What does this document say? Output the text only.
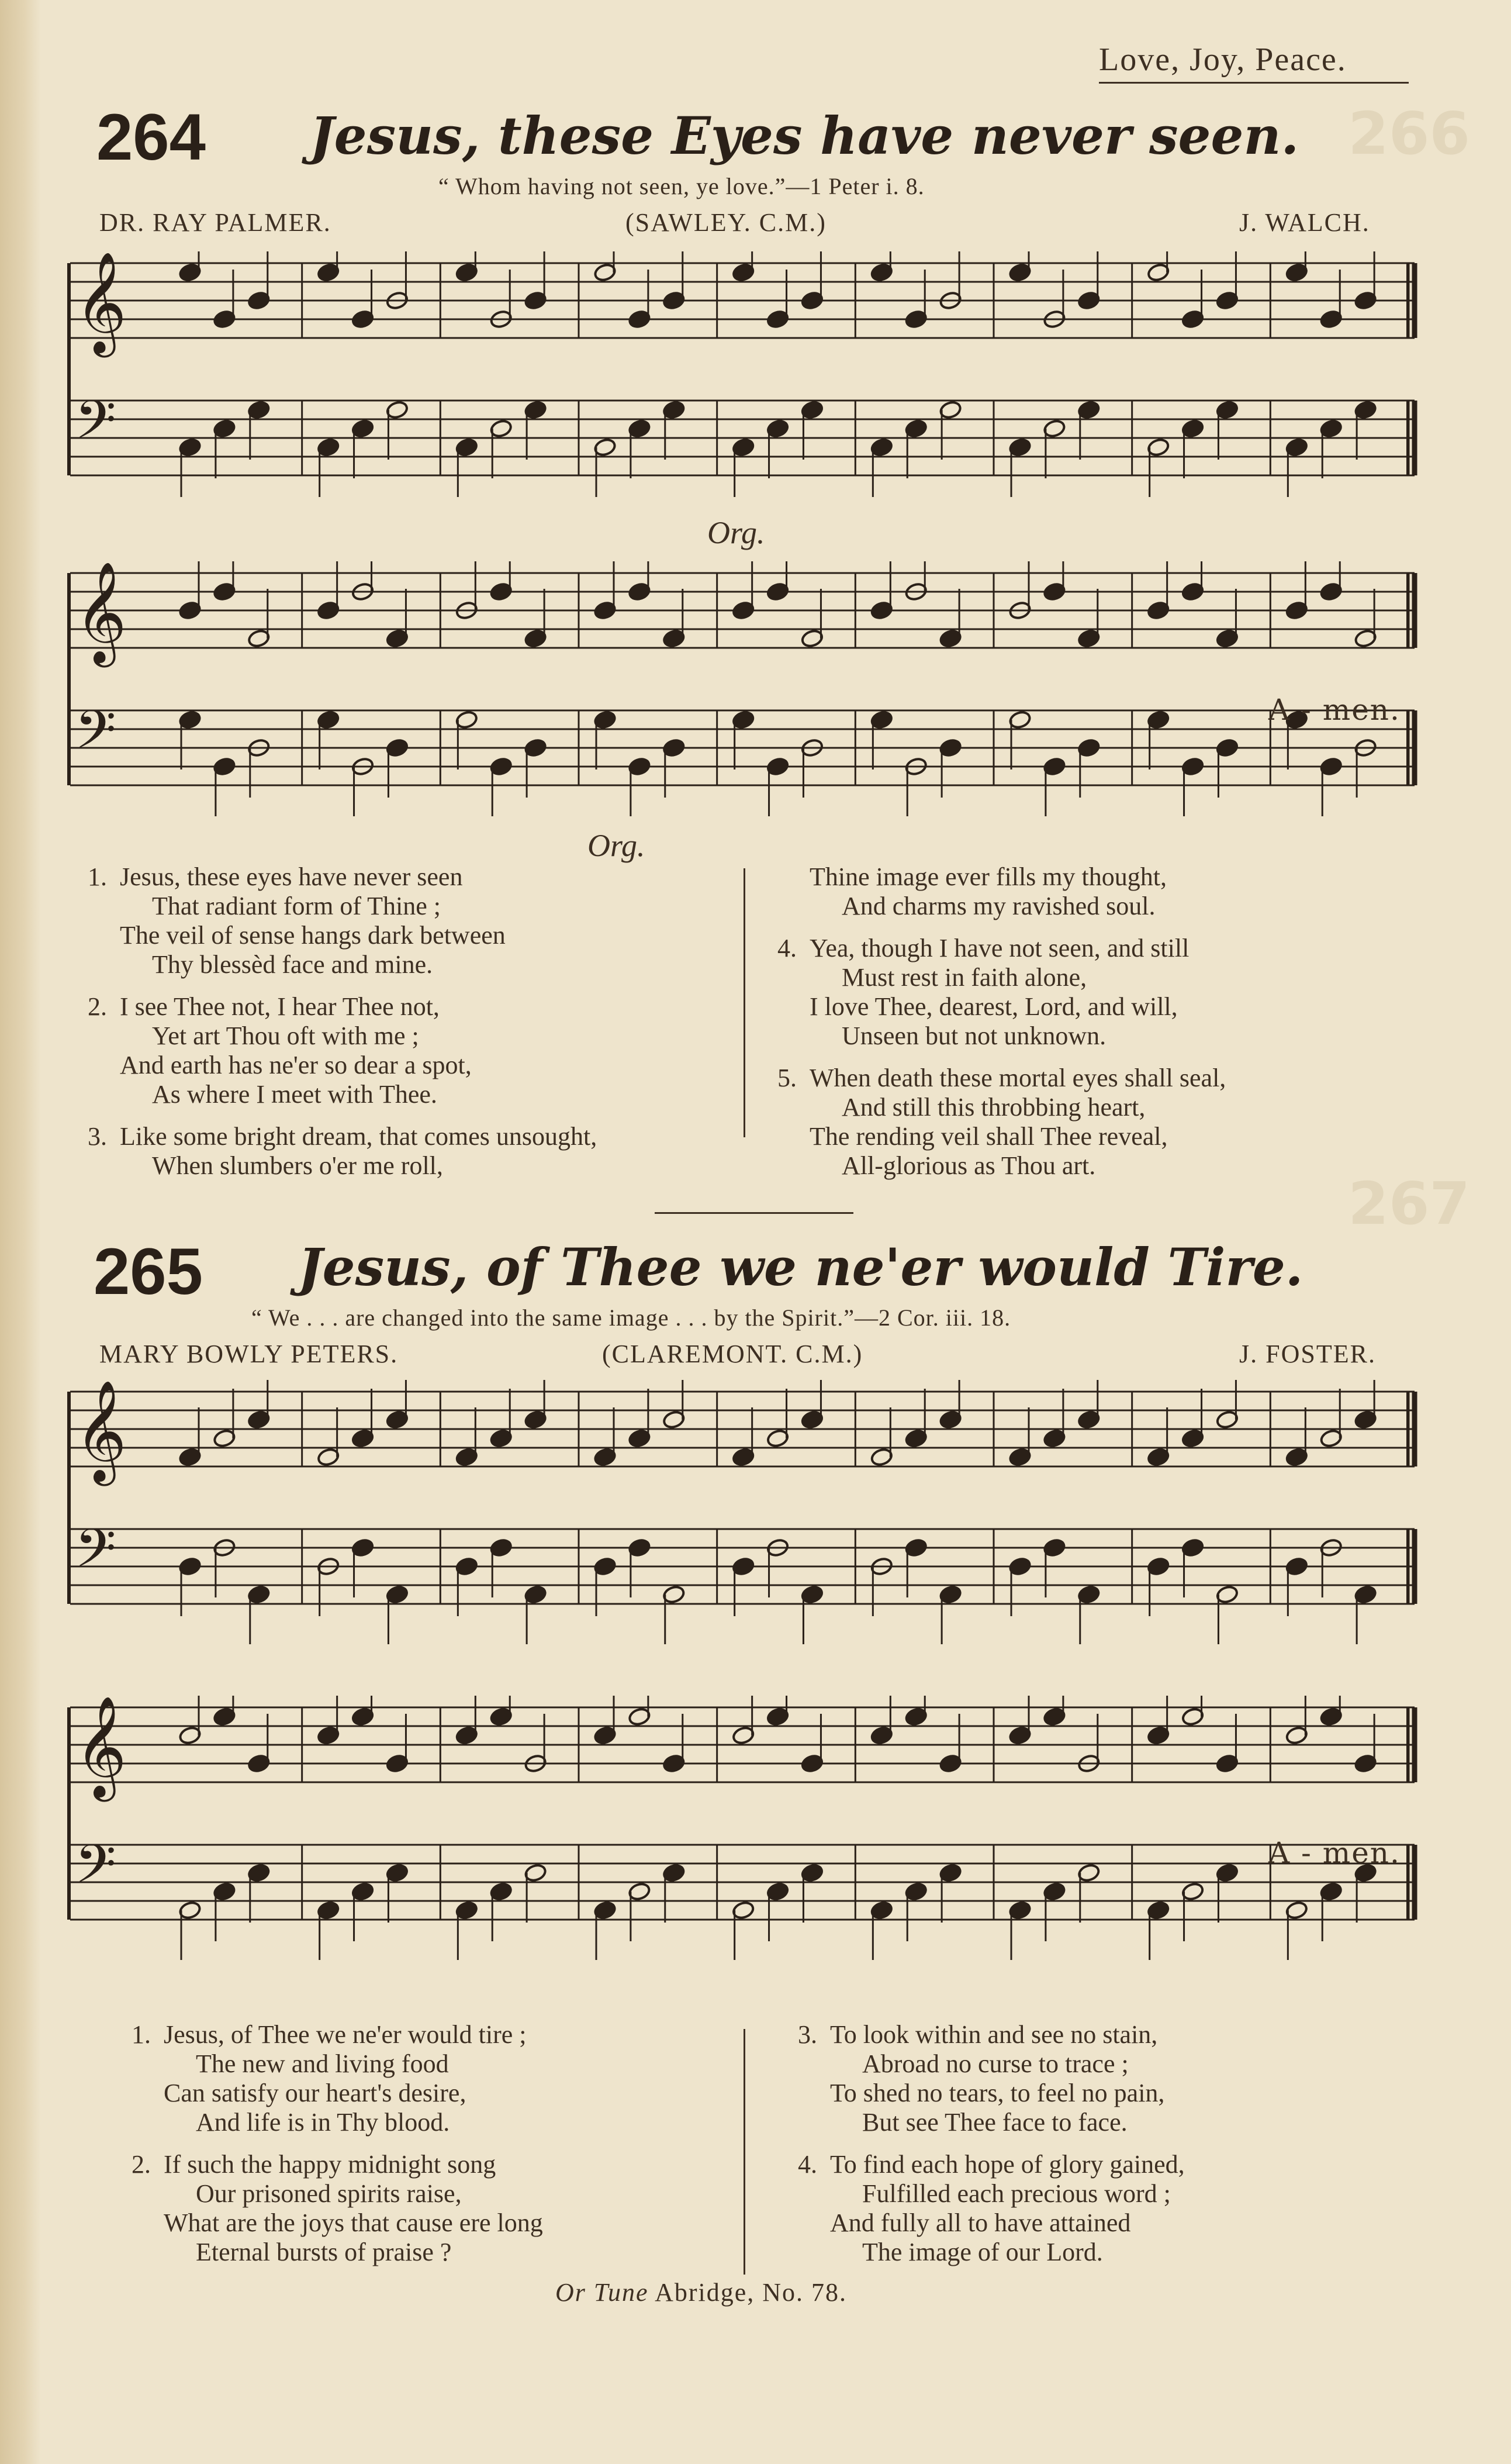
266
267
Love, Joy, Peace.
264 Jesus, these Eyes have never seen.
“ Whom having not seen, ye love.”—1 Peter i. 8.
DR. RAY PALMER.	(SAWLEY. C.M.)	J. WALCH.
𝄞
𝄢
Org.
𝄞
𝄢	A - men.
Org.
1. Jesus, these eyes have never seen
That radiant form of Thine ;
The veil of sense hangs dark between
Thy blessèd face and mine.
2. I see Thee not, I hear Thee not,
Yet art Thou oft with me ;
And earth has ne'er so dear a spot,
As where I meet with Thee.
3. Like some bright dream, that comes unsought,
When slumbers o'er me roll,
Thine image ever fills my thought,
And charms my ravished soul.
4. Yea, though I have not seen, and still
Must rest in faith alone,
I love Thee, dearest, Lord, and will,
Unseen but not unknown.
5. When death these mortal eyes shall seal,
And still this throbbing heart,
The rending veil shall Thee reveal,
All-glorious as Thou art.
265 Jesus, of Thee we ne'er would Tire.
“ We . . . are changed into the same image . . . by the Spirit.”—2 Cor. iii. 18.
MARY BOWLY PETERS.	(CLAREMONT. C.M.)	J. FOSTER.
𝄞
𝄢
𝄞
𝄢	A - men.
1. Jesus, of Thee we ne'er would tire ;
The new and living food
Can satisfy our heart's desire,
And life is in Thy blood.
2. If such the happy midnight song
Our prisoned spirits raise,
What are the joys that cause ere long
Eternal bursts of praise ?
3. To look within and see no stain,
Abroad no curse to trace ;
To shed no tears, to feel no pain,
But see Thee face to face.
4. To find each hope of glory gained,
Fulfilled each precious word ;
And fully all to have attained
The image of our Lord.
Or Tune Abridge, No. 78.
